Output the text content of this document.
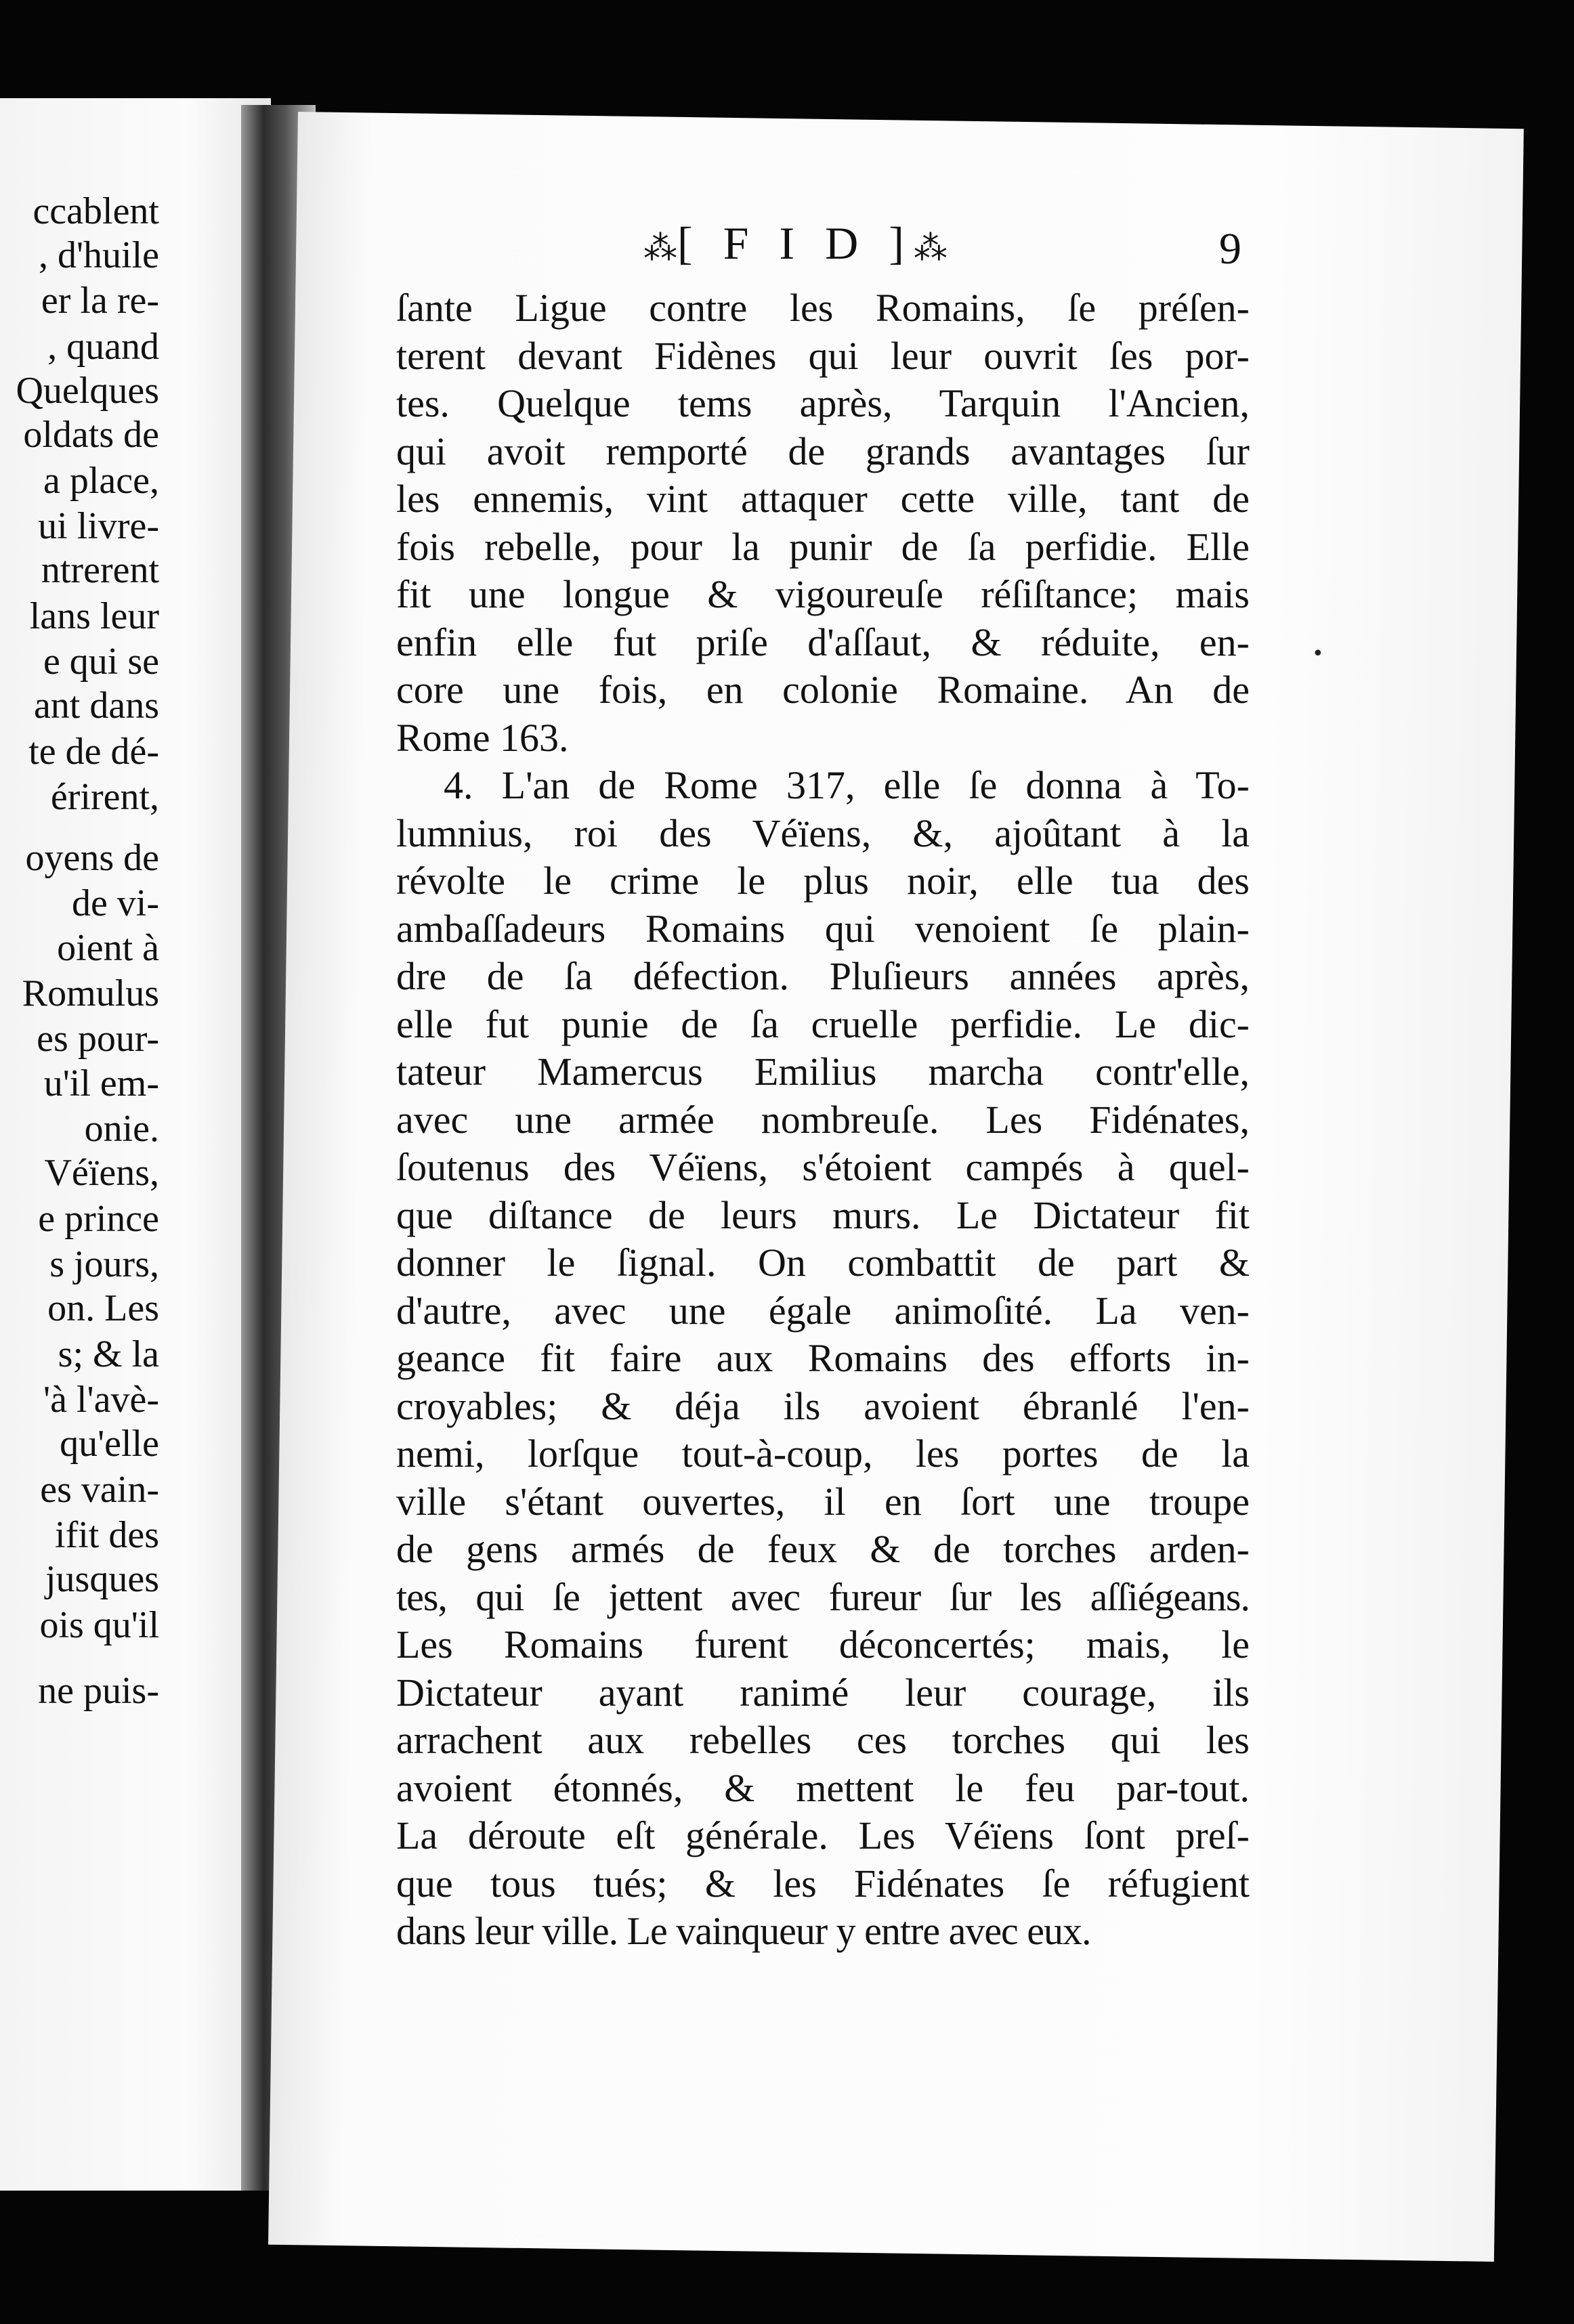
ccablent
, d'huile
er la re-
, quand
Quelques
oldats de
a place,
ui livre-
ntrerent
lans leur
e qui se
ant dans
te de dé-
érirent,
oyens de
de vi-
oient à
Romulus
es pour-
u'il em-
onie.
Véïens,
e prince
s jours,
on. Les
s; & la
'à l'avè-
qu'elle
es vain-
ifit des
jusques
ois qu'il
ne puis-
⁂[ F I D ]⁂	9
ſante Ligue contre les Romains, ſe préſen-
terent devant Fidènes qui leur ouvrit ſes por-
tes. Quelque tems après, Tarquin l'Ancien,
qui avoit remporté de grands avantages ſur
les ennemis, vint attaquer cette ville, tant de
fois rebelle, pour la punir de ſa perfidie. Elle
fit une longue & vigoureuſe réſiſtance; mais
enfin elle fut priſe d'aſſaut, & réduite, en-
core une fois, en colonie Romaine. An de
Rome 163.
4. L'an de Rome 317, elle ſe donna à To-
lumnius, roi des Véïens, &, ajoûtant à la
révolte le crime le plus noir, elle tua des
ambaſſadeurs Romains qui venoient ſe plain-
dre de ſa défection. Pluſieurs années après,
elle fut punie de ſa cruelle perfidie. Le dic-
tateur Mamercus Emilius marcha contr'elle,
avec une armée nombreuſe. Les Fidénates,
ſoutenus des Véïens, s'étoient campés à quel-
que diſtance de leurs murs. Le Dictateur fit
donner le ſignal. On combattit de part &
d'autre, avec une égale animoſité. La ven-
geance fit faire aux Romains des efforts in-
croyables; & déja ils avoient ébranlé l'en-
nemi, lorſque tout-à-coup, les portes de la
ville s'étant ouvertes, il en ſort une troupe
de gens armés de feux & de torches arden-
tes, qui ſe jettent avec fureur ſur les aſſiégeans.
Les Romains furent déconcertés; mais, le
Dictateur ayant ranimé leur courage, ils
arrachent aux rebelles ces torches qui les
avoient étonnés, & mettent le feu par-tout.
La déroute eſt générale. Les Véïens ſont preſ-
que tous tués; & les Fidénates ſe réfugient
dans leur ville. Le vainqueur y entre avec eux.
•
